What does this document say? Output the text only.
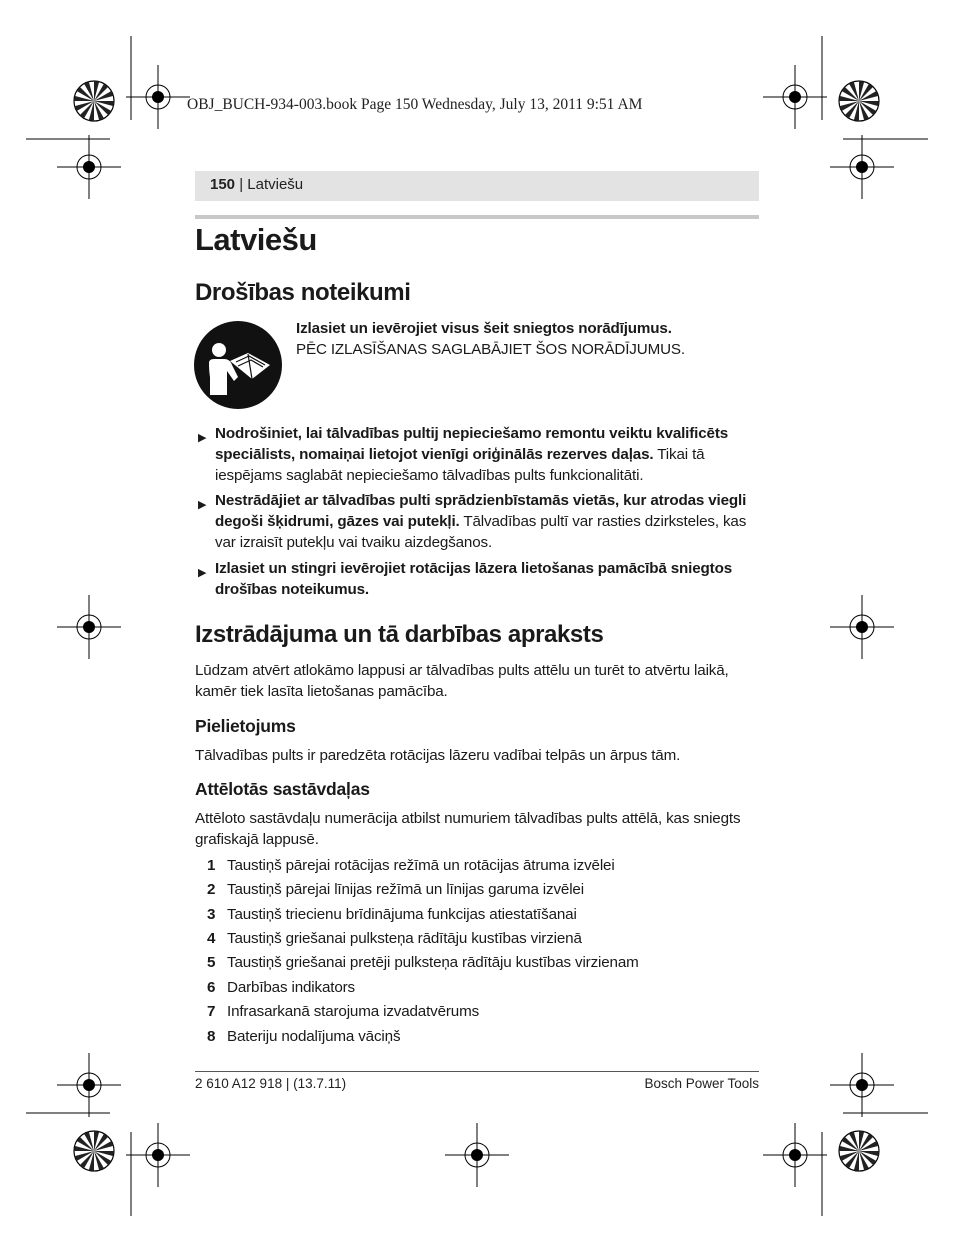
OBJ_BUCH-934-003.book Page 150 Wednesday, July 13, 2011 9:51 AM
150 | Latviešu
Latviešu
Drošības noteikumi
Izlasiet un ievērojiet visus šeit sniegtos norādījumus.
PĒC IZLASĪŠANAS SAGLABĀJIET ŠOS NORĀDĪJUMUS.
▶ Nodrošiniet, lai tālvadības pultij nepieciešamo remontu veiktu kvalificēts speciālists, nomaiņai lietojot vienīgi oriģinālās rezerves daļas. Tikai tā iespējams saglabāt nepieciešamo tālvadības pults funkcionalitāti.
▶ Nestrādājiet ar tālvadības pulti sprādzienbīstamās vietās, kur atrodas viegli degoši šķidrumi, gāzes vai putekļi. Tālvadības pultī var rasties dzirksteles, kas var izraisīt putekļu vai tvaiku aizdegšanos.
▶ Izlasiet un stingri ievērojiet rotācijas lāzera lietošanas pamācībā sniegtos drošības noteikumus.
Izstrādājuma un tā darbības apraksts

Lūdzam atvērt atlokāmo lappusi ar tālvadības pults attēlu un turēt to atvērtu laikā, kamēr tiek lasīta lietošanas pamācība.

Pielietojums

Tālvadības pults ir paredzēta rotācijas lāzeru vadībai telpās un ārpus tām.

Attēlotās sastāvdaļas

Attēloto sastāvdaļu numerācija atbilst numuriem tālvadības pults attēlā, kas sniegts grafiskajā lappusē.

1 Taustiņš pārejai rotācijas režīmā un rotācijas ātruma izvēlei
2 Taustiņš pārejai līnijas režīmā un līnijas garuma izvēlei
3 Taustiņš triecienu brīdinājuma funkcijas atiestatīšanai
4 Taustiņš griešanai pulksteņa rādītāju kustības virzienā
5 Taustiņš griešanai pretēji pulksteņa rādītāju kustības virzienam
6 Darbības indikators
7 Infrasarkanā starojuma izvadatvērums
8 Bateriju nodalījuma vāciņš
2 610 A12 918 | (13.7.11)	Bosch Power Tools
